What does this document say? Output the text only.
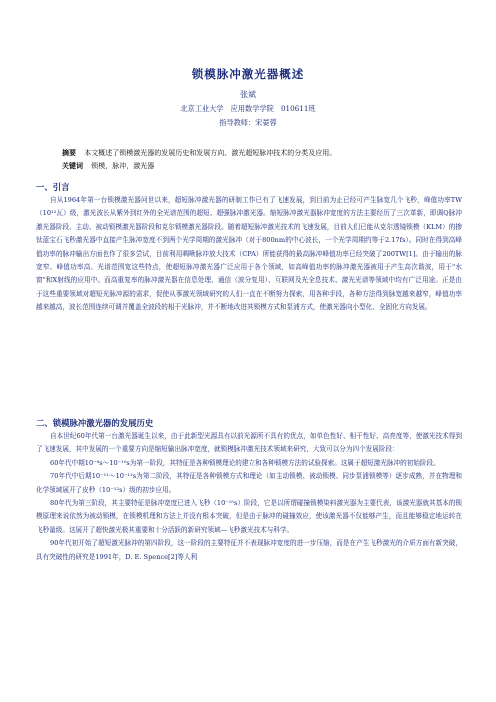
锁模脉冲激光器概述
张斌
北京工业大学　应用数学学院　010611班
指导教师：宋晏蓉
摘要 本文概述了锁模激光器的发展历史和发展方向、激光超短脉冲技术的分类及应用。
关键词 锁模，脉冲，激光器
一、引言

自从1964年第一台锁模激光器问世以来，超短脉冲激光器的研制工作已有了飞速发展，到目前为止已经可产生脉宽几个飞秒，峰值功率TW（10¹²瓦）级，激光波长从紫外到红外的全光谱范围的超短、超强脉冲激光器。缩短脉冲激光器脉冲宽度的方法主要经历了三次革新，即调Q脉冲激光器阶段、主动、被动锁模激光器阶段和克尔锁模激光器阶段。随着超短脉冲激光技术的飞速发展，目前人们已能从克尔透镜锁模（KLM）的掺钛蓝宝石飞秒激光器中直接产生脉冲宽度不到两个光学周期的激光脉冲（对于800nm的中心波长，一个光学周期约等于2.17fs）。同时在得到高峰值功率的脉冲输出方面也作了很多尝试，目前利用啁啾脉冲放大技术（CPA）所能获得的最高脉冲峰值功率已经突破了200TW[1]。由于输出的脉宽窄、峰值功率高、光谱范围宽这些特点，使超短脉冲激光器广泛应用于各个领域，如高峰值功率的脉冲激光器被用于产生高次谐波，用于"水窗"和X射线的应用中。而高重复率的脉冲激光器在信息处理、通信（波分复用）、互联网及光全息技术、激光光谱等领域中均有广泛用途。正是由于这些重要领域对超短光脉冲源的需求，促使从事激光领域研究的人们一直在不断努力探索，用各种手段，各种方法得到脉宽越来越窄，峰值功率越来越高，波长范围连续可调并覆盖全波段的相干光脉冲，并不断地改进其锁模方式和泵浦方式，使激光器向小型化、全固化方向发展。

二、锁模脉冲激光器的发展历史

自本世纪60年代第一台激光器诞生以来，由于此新型光源具有以前光源所不具有的优点，如单色性好、相干性好、高亮度等，使激光技术得到了飞速发展，其中发展的一个重要方向是缩短输出脉冲宽度，就锁模脉冲激光技术领域来研究，大致可以分为四个发展阶段：

60年代中期10⁻⁸s～10⁻¹⁰s为第一阶段，其特征是各种锁模理论的建立和各种锁模方法的试验探索。这属于超短激光脉冲的初始阶段。

70年代中后期10⁻¹¹～10⁻¹²s为第二阶段，其特征是各种锁模方式和理论（如主动锁模、被动锁模、同步泵浦锁模等）逐步成熟，并在物理和化学领域展开了皮秒（10⁻¹²s）级的初步应用。

80年代为第三阶段，其主要特征是脉冲宽度已进入飞秒（10⁻¹⁵s）阶段，它是以所谓碰撞锁模染料激光器为主要代表，该激光器就其基本的锁模原理来说依然为被动锁模，在锁模机理和方法上并没有根本突破，但是由于脉冲的碰撞效应，使该激光器不仅能够产生，而且能够稳定地运转在飞秒量级。这展开了超快激光极其重要和十分活跃的新研究领域—飞秒激光技术与科学。

90年代初开始了超短激光脉冲的第四阶段，这一阶段的主要特征并不表现脉冲宽度的进一步压缩，而是在产生飞秒激光的介质方面有新突破，具有突破性的研究是1991年，D. E. Spence[2]等人利
